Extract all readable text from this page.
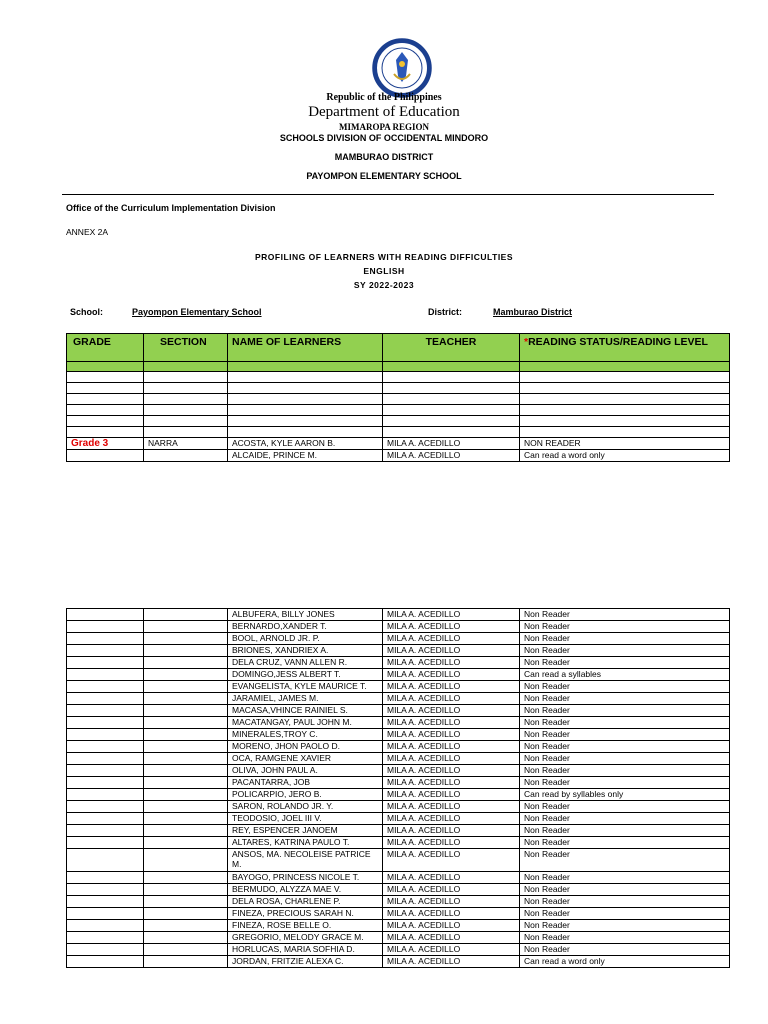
Republic of the Philippines
Department of Education
MIMAROPA REGION
SCHOOLS DIVISION OF OCCIDENTAL MINDORO
MAMBURAO DISTRICT
PAYOMPON ELEMENTARY SCHOOL
Office of the Curriculum Implementation Division
ANNEX 2A
PROFILING OF LEARNERS WITH READING DIFFICULTIES
ENGLISH
SY 2022-2023
School:	Payompon Elementary School	District:	Mamburao District
GRADE	SECTION	NAME OF LEARNERS	TEACHER	*READING STATUS/READING LEVEL

Grade 3	NARRA	ACOSTA, KYLE AARON B.	MILA A. ACEDILLO	NON READER
		ALCAIDE, PRINCE M.	MILA A. ACEDILLO	Can read a word only
		ALBUFERA, BILLY JONES	MILA A. ACEDILLO	Non Reader
		BERNARDO,XANDER T.	MILA A. ACEDILLO	Non Reader
		BOOL, ARNOLD JR. P.	MILA A. ACEDILLO	Non Reader
		BRIONES, XANDRIEX A.	MILA A. ACEDILLO	Non Reader
		DELA CRUZ, VANN ALLEN R.	MILA A. ACEDILLO	Non Reader
		DOMINGO,JESS ALBERT T.	MILA A. ACEDILLO	Can read a syllables
		EVANGELISTA, KYLE MAURICE T.	MILA A. ACEDILLO	Non Reader
		JARAMIEL, JAMES M.	MILA A. ACEDILLO	Non Reader
		MACASA,VHINCE RAINIEL S.	MILA A. ACEDILLO	Non Reader
		MACATANGAY, PAUL JOHN M.	MILA A. ACEDILLO	Non Reader
		MINERALES,TROY C.	MILA A. ACEDILLO	Non Reader
		MORENO, JHON PAOLO D.	MILA A. ACEDILLO	Non Reader
		OCA, RAMGENE XAVIER	MILA A. ACEDILLO	Non Reader
		OLIVA, JOHN PAUL A.	MILA A. ACEDILLO	Non Reader
		PACANTARRA, JOB	MILA A. ACEDILLO	Non Reader
		POLICARPIO, JERO B.	MILA A. ACEDILLO	Can read by syllables only
		SARON, ROLANDO JR. Y.	MILA A. ACEDILLO	Non Reader
		TEODOSIO, JOEL III V.	MILA A. ACEDILLO	Non Reader
		REY, ESPENCER JANOEM	MILA A. ACEDILLO	Non Reader
		ALTARES, KATRINA PAULO T.	MILA A. ACEDILLO	Non Reader
		ANSOS, MA. NECOLEISE PATRICE M.	MILA A. ACEDILLO	Non Reader
		BAYOGO, PRINCESS NICOLE T.	MILA A. ACEDILLO	Non Reader
		BERMUDO, ALYZZA MAE V.	MILA A. ACEDILLO	Non Reader
		DELA ROSA, CHARLENE P.	MILA A. ACEDILLO	Non Reader
		FINEZA, PRECIOUS SARAH N.	MILA A. ACEDILLO	Non Reader
		FINEZA, ROSE BELLE O.	MILA A. ACEDILLO	Non Reader
		GREGORIO, MELODY GRACE M.	MILA A. ACEDILLO	Non Reader
		HORLUCAS, MARIA SOFHIA D.	MILA A. ACEDILLO	Non Reader
		JORDAN, FRITZIE ALEXA C.	MILA A. ACEDILLO	Can read a word only
